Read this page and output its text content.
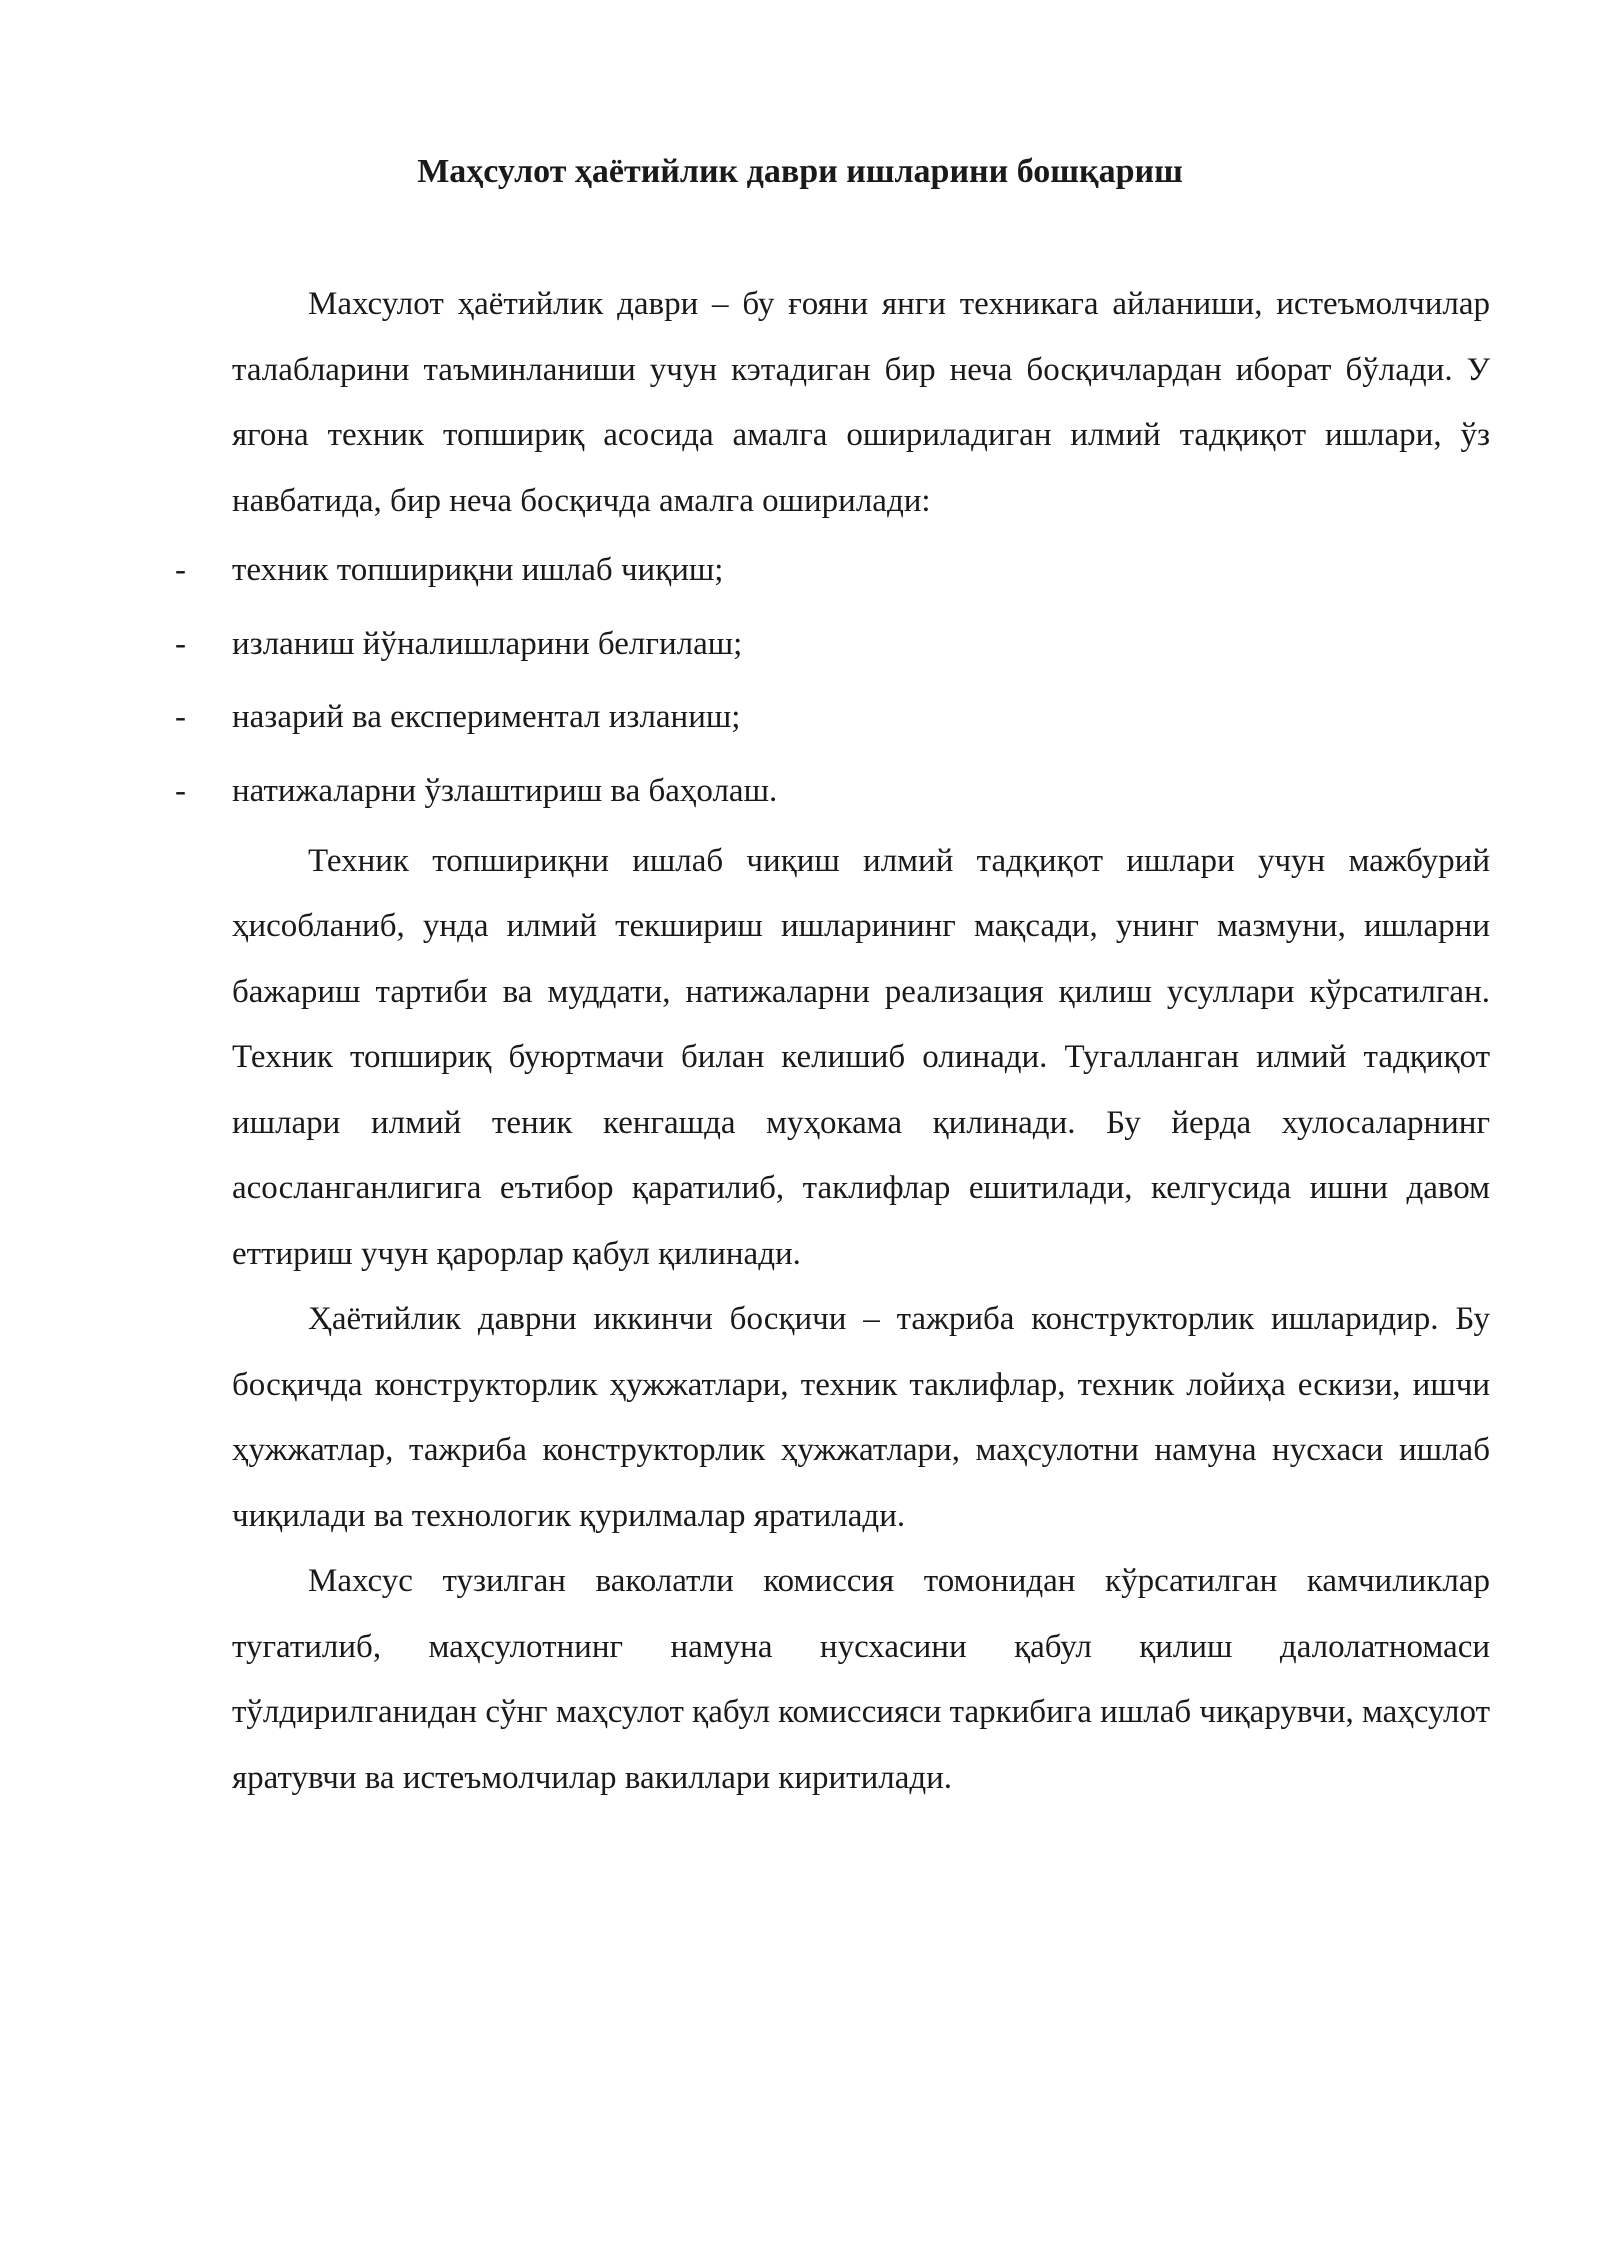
Маҳсулот ҳаётийлик даври ишларини бошқариш

Махсулот ҳаётийлик даври – бу ғояни янги техникага айланиши, истеъмолчилар талабларини таъминланиши учун кэтадиган бир неча босқичлардан иборат бўлади. У ягона техник топшириқ асосида амалга ошириладиган илмий тадқиқот ишлари, ўз навбатида, бир неча босқичда амалга оширилади:

- техник топшириқни ишлаб чиқиш;
- изланиш йўналишларини белгилаш;
- назарий ва експериментал изланиш;
- натижаларни ўзлаштириш ва баҳолаш.

Техник топшириқни ишлаб чиқиш илмий тадқиқот ишлари учун мажбурий ҳисобланиб, унда илмий текшириш ишларининг мақсади, унинг мазмуни, ишларни бажариш тартиби ва муддати, натижаларни реализация қилиш усуллари кўрсатилган. Техник топшириқ буюртмачи билан келишиб олинади. Тугалланган илмий тадқиқот ишлари илмий теник кенгашда муҳокама қилинади. Бу йерда хулосаларнинг асосланганлигига еътибор қаратилиб, таклифлар ешитилади, келгусида ишни давом еттириш учун қарорлар қабул қилинади.

Ҳаётийлик даврни иккинчи босқичи – тажриба конструкторлик ишларидир. Бу босқичда конструкторлик ҳужжатлари, техник таклифлар, техник лойиҳа ескизи, ишчи ҳужжатлар, тажриба конструкторлик ҳужжатлари, маҳсулотни намуна нусхаси ишлаб чиқилади ва технологик қурилмалар яратилади.

Махсус тузилган ваколатли комиссия томонидан кўрсатилган камчиликлар тугатилиб, маҳсулотнинг намуна нусхасини қабул қилиш далолатномаси тўлдирилганидан сўнг маҳсулот қабул комиссияси таркибига ишлаб чиқарувчи, маҳсулот яратувчи ва истеъмолчилар вакиллари киритилади.
